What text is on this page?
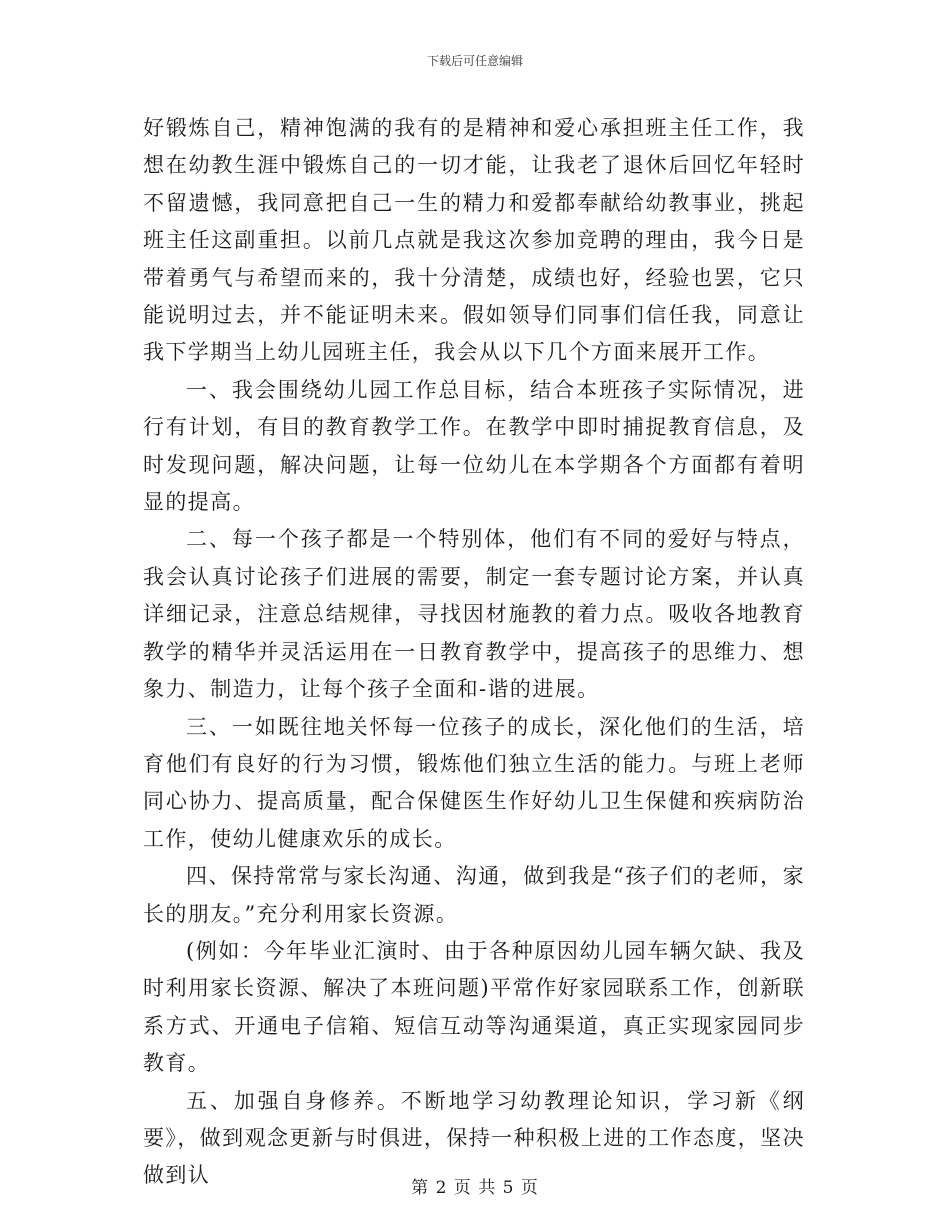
下载后可任意编辑

好锻炼自己，精神饱满的我有的是精神和爱心承担班主任工作，我想在幼教生涯中锻炼自己的一切才能，让我老了退休后回忆年轻时不留遗憾，我同意把自己一生的精力和爱都奉献给幼教事业，挑起班主任这副重担。以前几点就是我这次参加竞聘的理由，我今日是带着勇气与希望而来的，我十分清楚，成绩也好，经验也罢，它只能说明过去，并不能证明未来。假如领导们同事们信任我，同意让我下学期当上幼儿园班主任，我会从以下几个方面来展开工作。

一、我会围绕幼儿园工作总目标，结合本班孩子实际情况，进行有计划，有目的教育教学工作。在教学中即时捕捉教育信息，及时发现问题，解决问题，让每一位幼儿在本学期各个方面都有着明显的提高。

二、每一个孩子都是一个特别体，他们有不同的爱好与特点，我会认真讨论孩子们进展的需要，制定一套专题讨论方案，并认真详细记录，注意总结规律，寻找因材施教的着力点。吸收各地教育教学的精华并灵活运用在一日教育教学中，提高孩子的思维力、想象力、制造力，让每个孩子全面和-谐的进展。

三、一如既往地关怀每一位孩子的成长，深化他们的生活，培育他们有良好的行为习惯，锻炼他们独立生活的能力。与班上老师同心协力、提高质量，配合保健医生作好幼儿卫生保健和疾病防治工作，使幼儿健康欢乐的成长。

四、保持常常与家长沟通、沟通，做到我是“孩子们的老师，家长的朋友。”充分利用家长资源。

(例如：今年毕业汇演时、由于各种原因幼儿园车辆欠缺、我及时利用家长资源、解决了本班问题)平常作好家园联系工作，创新联系方式、开通电子信箱、短信互动等沟通渠道，真正实现家园同步教育。

五、加强自身修养。不断地学习幼教理论知识，学习新《纲要》，做到观念更新与时俱进，保持一种积极上进的工作态度，坚决做到认

第 2 页 共 5 页
